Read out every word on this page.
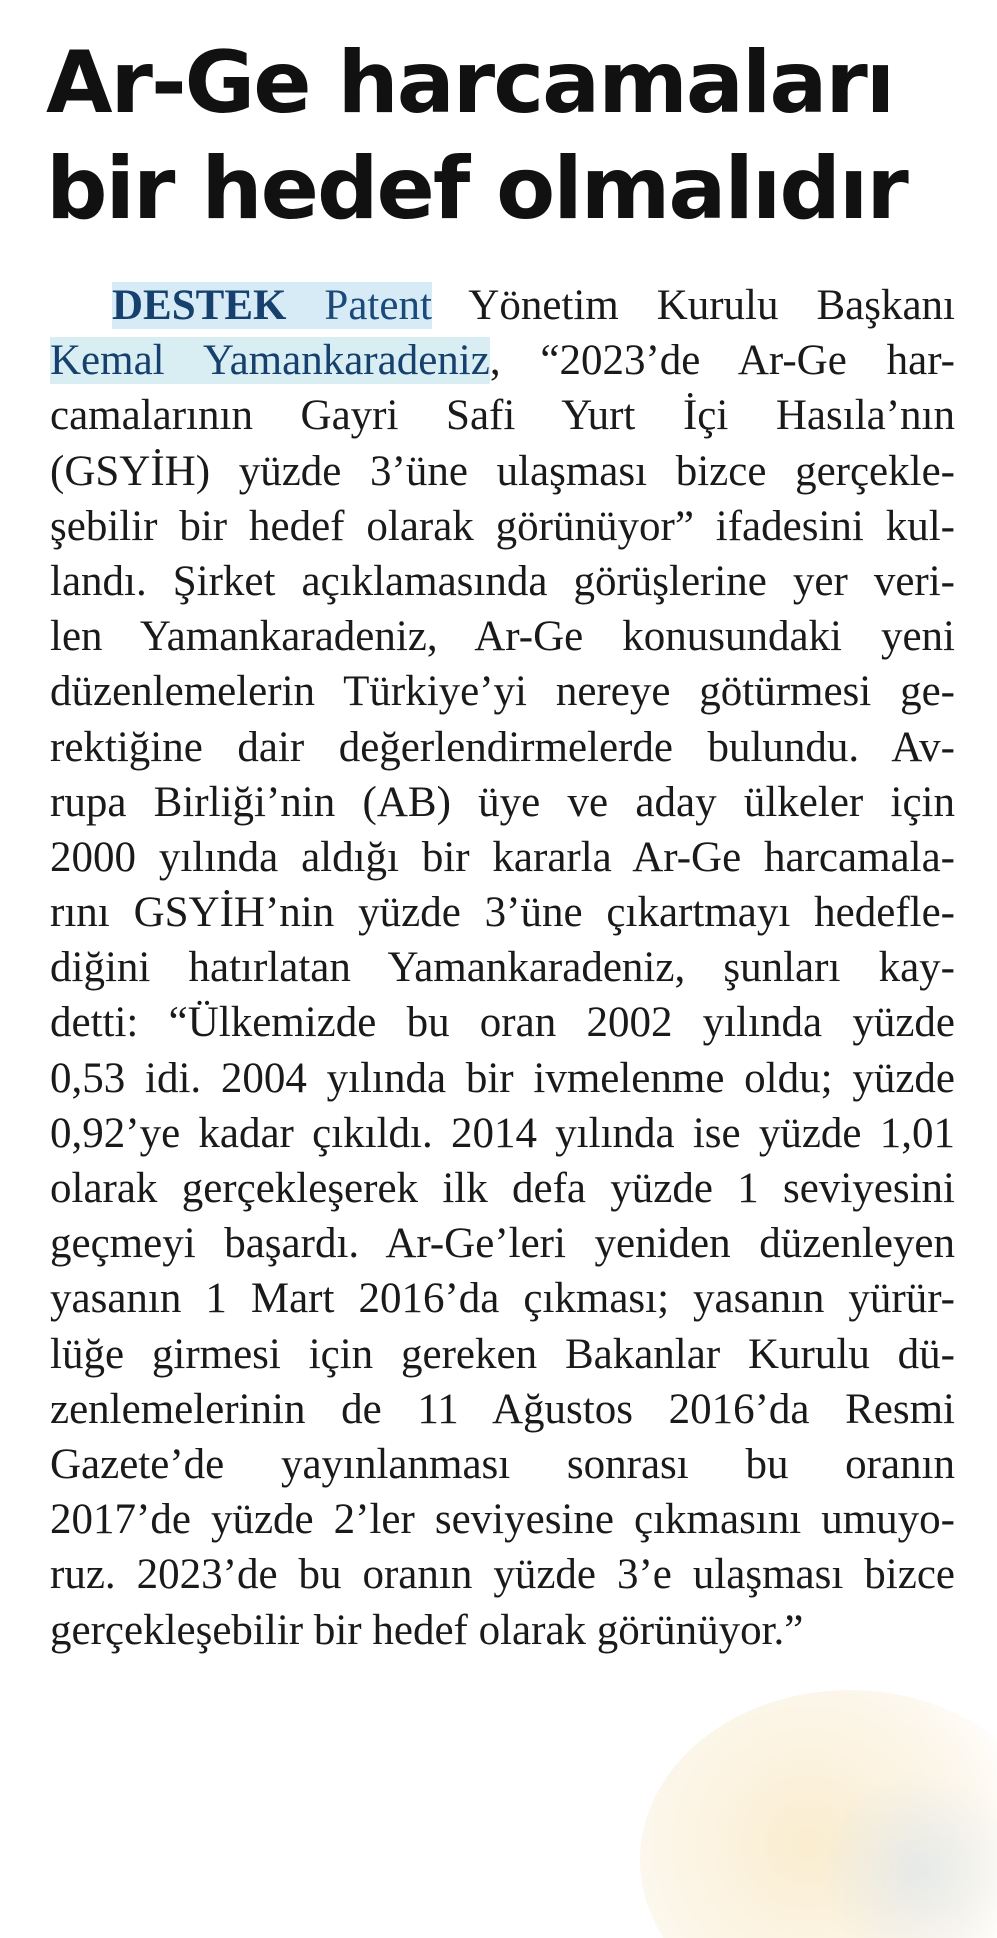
Ar-Ge harcamaları
bir hedef olmalıdır
DESTEK Patent Yönetim Kurulu Başkanı
Kemal Yamankaradeniz, “2023’de Ar-Ge har-
camalarının Gayri Safi Yurt İçi Hasıla’nın
(GSYİH) yüzde 3’üne ulaşması bizce gerçekle-
şebilir bir hedef olarak görünüyor” ifadesini kul-
landı. Şirket açıklamasında görüşlerine yer veri-
len Yamankaradeniz, Ar-Ge konusundaki yeni
düzenlemelerin Türkiye’yi nereye götürmesi ge-
rektiğine dair değerlendirmelerde bulundu. Av-
rupa Birliği’nin (AB) üye ve aday ülkeler için
2000 yılında aldığı bir kararla Ar-Ge harcamala-
rını GSYİH’nin yüzde 3’üne çıkartmayı hedefle-
diğini hatırlatan Yamankaradeniz, şunları kay-
detti: “Ülkemizde bu oran 2002 yılında yüzde
0,53 idi. 2004 yılında bir ivmelenme oldu; yüzde
0,92’ye kadar çıkıldı. 2014 yılında ise yüzde 1,01
olarak gerçekleşerek ilk defa yüzde 1 seviyesini
geçmeyi başardı. Ar-Ge’leri yeniden düzenleyen
yasanın 1 Mart 2016’da çıkması; yasanın yürür-
lüğe girmesi için gereken Bakanlar Kurulu dü-
zenlemelerinin de 11 Ağustos 2016’da Resmi
Gazete’de yayınlanması sonrası bu oranın
2017’de yüzde 2’ler seviyesine çıkmasını umuyo-
ruz. 2023’de bu oranın yüzde 3’e ulaşması bizce
gerçekleşebilir bir hedef olarak görünüyor.”
